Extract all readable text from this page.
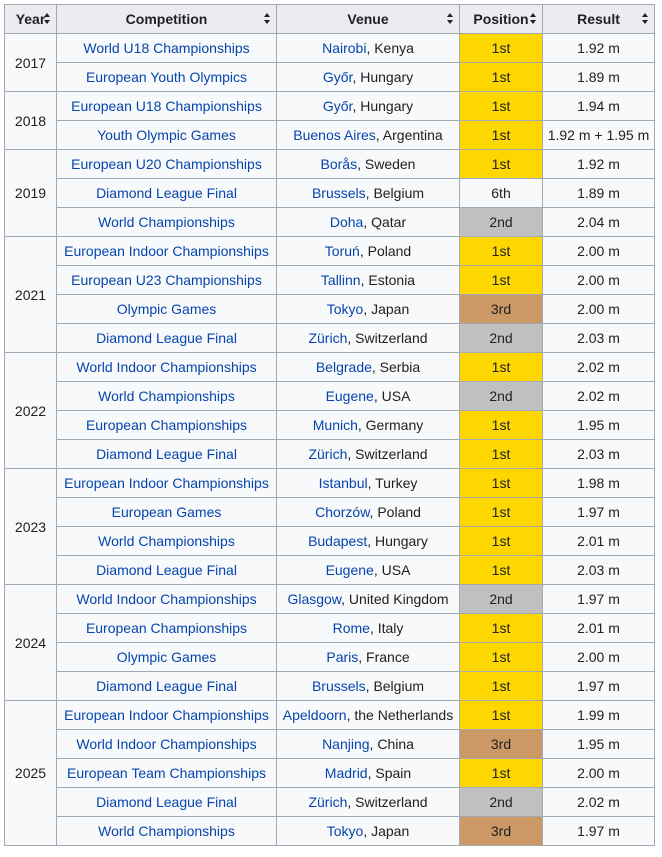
Year	Competition	Venue	Position	Result

2017	World U18 Championships	Nairobi, Kenya	1st	1.92 m
	European Youth Olympics	Győr, Hungary	1st	1.89 m
2018	European U18 Championships	Győr, Hungary	1st	1.94 m
	Youth Olympic Games	Buenos Aires, Argentina	1st	1.92 m + 1.95 m
2019	European U20 Championships	Borås, Sweden	1st	1.92 m
	Diamond League Final	Brussels, Belgium	6th	1.89 m
	World Championships	Doha, Qatar	2nd	2.04 m
2021	European Indoor Championships	Toruń, Poland	1st	2.00 m
	European U23 Championships	Tallinn, Estonia	1st	2.00 m
	Olympic Games	Tokyo, Japan	3rd	2.00 m
	Diamond League Final	Zürich, Switzerland	2nd	2.03 m
2022	World Indoor Championships	Belgrade, Serbia	1st	2.02 m
	World Championships	Eugene, USA	2nd	2.02 m
	European Championships	Munich, Germany	1st	1.95 m
	Diamond League Final	Zürich, Switzerland	1st	2.03 m
2023	European Indoor Championships	Istanbul, Turkey	1st	1.98 m
	European Games	Chorzów, Poland	1st	1.97 m
	World Championships	Budapest, Hungary	1st	2.01 m
	Diamond League Final	Eugene, USA	1st	2.03 m
2024	World Indoor Championships	Glasgow, United Kingdom	2nd	1.97 m
	European Championships	Rome, Italy	1st	2.01 m
	Olympic Games	Paris, France	1st	2.00 m
	Diamond League Final	Brussels, Belgium	1st	1.97 m
2025	European Indoor Championships	Apeldoorn, the Netherlands	1st	1.99 m
	World Indoor Championships	Nanjing, China	3rd	1.95 m
	European Team Championships	Madrid, Spain	1st	2.00 m
	Diamond League Final	Zürich, Switzerland	2nd	2.02 m
	World Championships	Tokyo, Japan	3rd	1.97 m
